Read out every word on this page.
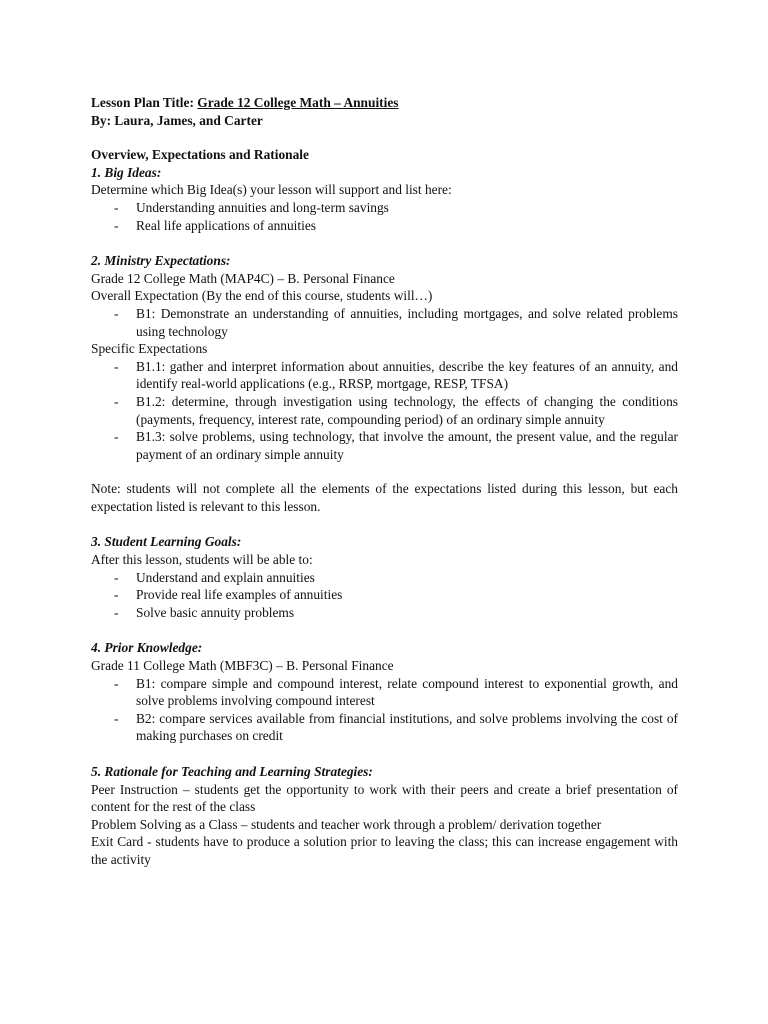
Lesson Plan Title: Grade 12 College Math – Annuities

By: Laura, James, and Carter

Overview, Expectations and Rationale

1. Big Ideas:

Determine which Big Idea(s) your lesson will support and list here:

- Understanding annuities and long-term savings
- Real life applications of annuities

2. Ministry Expectations:

Grade 12 College Math (MAP4C) – B. Personal Finance

Overall Expectation (By the end of this course, students will…)

- B1: Demonstrate an understanding of annuities, including mortgages, and solve related problems using technology

Specific Expectations

- B1.1: gather and interpret information about annuities, describe the key features of an annuity, and identify real-world applications (e.g., RRSP, mortgage, RESP, TFSA)
- B1.2: determine, through investigation using technology, the effects of changing the conditions (payments, frequency, interest rate, compounding period) of an ordinary simple annuity
- B1.3: solve problems, using technology, that involve the amount, the present value, and the regular payment of an ordinary simple annuity

Note: students will not complete all the elements of the expectations listed during this lesson, but each expectation listed is relevant to this lesson.

3. Student Learning Goals:

After this lesson, students will be able to:

- Understand and explain annuities
- Provide real life examples of annuities
- Solve basic annuity problems

4. Prior Knowledge:

Grade 11 College Math (MBF3C) – B. Personal Finance

- B1: compare simple and compound interest, relate compound interest to exponential growth, and solve problems involving compound interest
- B2: compare services available from financial institutions, and solve problems involving the cost of making purchases on credit

5. Rationale for Teaching and Learning Strategies:

Peer Instruction – students get the opportunity to work with their peers and create a brief presentation of content for the rest of the class

Problem Solving as a Class – students and teacher work through a problem/ derivation together

Exit Card - students have to produce a solution prior to leaving the class; this can increase engagement with the activity
